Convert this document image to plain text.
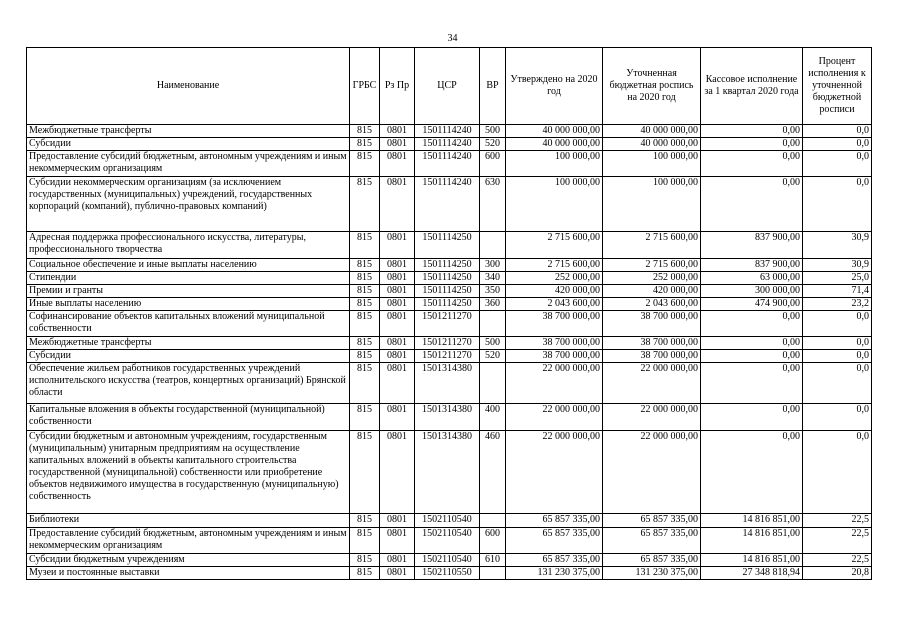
34
Наименование	ГРБС	Рз Пр	ЦСР	ВР	Утверждено на 2020 год	Уточненная бюджетная роспись на 2020 год	Кассовое исполнение за 1 квартал 2020 года	Процент исполнения к уточненной бюджетной росписи
Межбюджетные трансферты	815	0801	1501114240	500	40 000 000,00	40 000 000,00	0,00	0,0
Субсидии	815	0801	1501114240	520	40 000 000,00	40 000 000,00	0,00	0,0
Предоставление субсидий бюджетным, автономным учреждениям и иным некоммерческим организациям	815	0801	1501114240	600	100 000,00	100 000,00	0,00	0,0
Субсидии некоммерческим организациям (за исключением государственных (муниципальных) учреждений, государственных корпораций (компаний), публично-правовых компаний)	815	0801	1501114240	630	100 000,00	100 000,00	0,00	0,0
Адресная поддержка профессионального искусства, литературы, профессионального творчества	815	0801	1501114250		2 715 600,00	2 715 600,00	837 900,00	30,9
Социальное обеспечение и иные выплаты населению	815	0801	1501114250	300	2 715 600,00	2 715 600,00	837 900,00	30,9
Стипендии	815	0801	1501114250	340	252 000,00	252 000,00	63 000,00	25,0
Премии и гранты	815	0801	1501114250	350	420 000,00	420 000,00	300 000,00	71,4
Иные выплаты населению	815	0801	1501114250	360	2 043 600,00	2 043 600,00	474 900,00	23,2
Софинансирование объектов капитальных вложений муниципальной собственности	815	0801	1501211270		38 700 000,00	38 700 000,00	0,00	0,0
Межбюджетные трансферты	815	0801	1501211270	500	38 700 000,00	38 700 000,00	0,00	0,0
Субсидии	815	0801	1501211270	520	38 700 000,00	38 700 000,00	0,00	0,0
Обеспечение жильем работников государственных учреждений исполнительского искусства (театров, концертных организаций) Брянской области	815	0801	1501314380		22 000 000,00	22 000 000,00	0,00	0,0
Капитальные вложения в объекты государственной (муниципальной) собственности	815	0801	1501314380	400	22 000 000,00	22 000 000,00	0,00	0,0
Субсидии бюджетным и автономным учреждениям, государственным (муниципальным) унитарным предприятиям на осуществление капитальных вложений в объекты капитального строительства государственной (муниципальной) собственности или приобретение объектов недвижимого имущества в государственную (муниципальную) собственность	815	0801	1501314380	460	22 000 000,00	22 000 000,00	0,00	0,0
Библиотеки	815	0801	1502110540		65 857 335,00	65 857 335,00	14 816 851,00	22,5
Предоставление субсидий бюджетным, автономным учреждениям и иным некоммерческим организациям	815	0801	1502110540	600	65 857 335,00	65 857 335,00	14 816 851,00	22,5
Субсидии бюджетным учреждениям	815	0801	1502110540	610	65 857 335,00	65 857 335,00	14 816 851,00	22,5
Музеи и постоянные выставки	815	0801	1502110550		131 230 375,00	131 230 375,00	27 348 818,94	20,8
